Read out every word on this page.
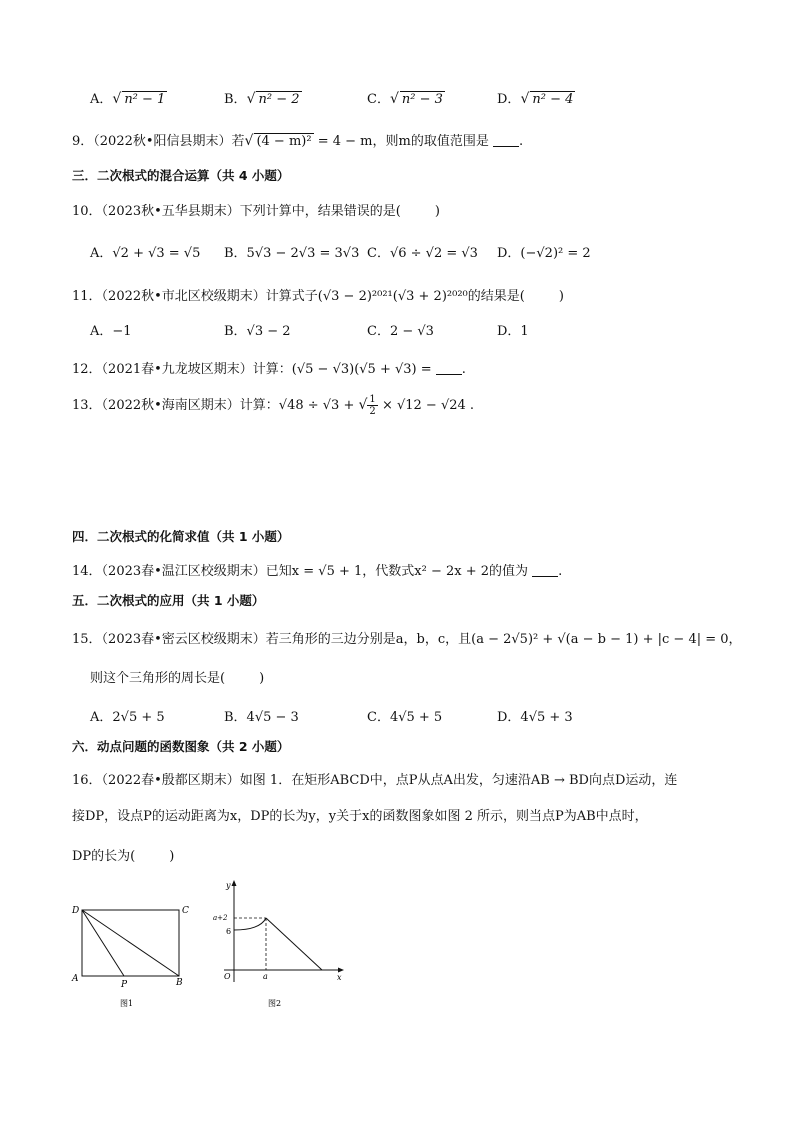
A．√ n² − 1	B．√ n² − 2	C．√ n² − 3	D．√ n² − 4
9．（2022秋•阳信县期末）若√ (4 − m)² = 4 − m，则m的取值范围是 .
三．二次根式的混合运算（共 4 小题）
10．（2023秋•五华县期末）下列计算中，结果错误的是(	)
A．√2 + √3 = √5 B．5√3 − 2√3 = 3√3 C．√6 ÷ √2 = √3 D．(−√2)² = 2
11．（2022秋•市北区校级期末）计算式子(√3 − 2)²⁰²¹(√3 + 2)²⁰²⁰的结果是(	)
A．−1	B．√3 − 2	C．2 − √3	D．1
12．（2021春•九龙坡区期末）计算：(√5 − √3)(√5 + √3) = .
13．（2022秋•海南区期末）计算：√48 ÷ √3 + √ $\frac{1}{2} \times √12 - √24$ .
四．二次根式的化简求值（共 1 小题）
14．（2023春•温江区校级期末）已知x = √5 + 1，代数式x² − 2x + 2的值为 .
五．二次根式的应用（共 1 小题）
15．（2023春•密云区校级期末）若三角形的三边分别是a，b，c，且(a − 2√5)² + √(a − b − 1) + |c − 4| = 0，
则这个三角形的周长是(	)
A．2√5 + 5	B．4√5 − 3	C．4√5 + 5	D．4√5 + 3
六．动点问题的函数图象（共 2 小题）
16．（2022春•殷都区期末）如图 1．在矩形ABCD中，点P从点A出发，匀速沿AB → BD向点D运动，连
接DP，设点P的运动距离为x，DP的长为y，y关于x的函数图象如图 2 所示，则当点P为AB中点时，
DP的长为(	)
D	C
A	B
P
图1
y
x
O	a
a+2
6
图2
